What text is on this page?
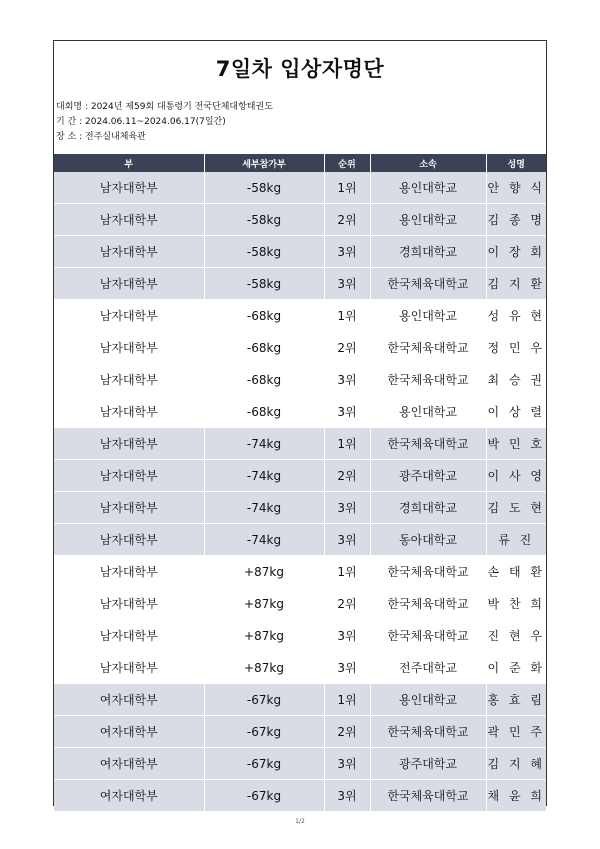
7일차 입상자명단
대회명 : 2024년 제59회 대통령기 전국단체대항태권도
기 간 : 2024.06.11~2024.06.17(7일간)
장 소 : 전주실내체육관
부	세부참가부	순위	소속	성명
남자대학부	-58kg	1위	용인대학교	안 향 식
남자대학부	-58kg	2위	용인대학교	김 종 명
남자대학부	-58kg	3위	경희대학교	이 장 회
남자대학부	-58kg	3위	한국체육대학교	김 지 환
남자대학부	-68kg	1위	용인대학교	성 유 현
남자대학부	-68kg	2위	한국체육대학교	정 민 우
남자대학부	-68kg	3위	한국체육대학교	최 승 권
남자대학부	-68kg	3위	용인대학교	이 상 렬
남자대학부	-74kg	1위	한국체육대학교	박 민 호
남자대학부	-74kg	2위	광주대학교	이 사 영
남자대학부	-74kg	3위	경희대학교	김 도 현
남자대학부	-74kg	3위	동아대학교	류 진
남자대학부	+87kg	1위	한국체육대학교	손 태 환
남자대학부	+87kg	2위	한국체육대학교	박 찬 희
남자대학부	+87kg	3위	한국체육대학교	진 현 우
남자대학부	+87kg	3위	전주대학교	이 준 화
여자대학부	-67kg	1위	용인대학교	홍 효 림
여자대학부	-67kg	2위	한국체육대학교	곽 민 주
여자대학부	-67kg	3위	광주대학교	김 지 혜
여자대학부	-67kg	3위	한국체육대학교	채 윤 희
1/2
